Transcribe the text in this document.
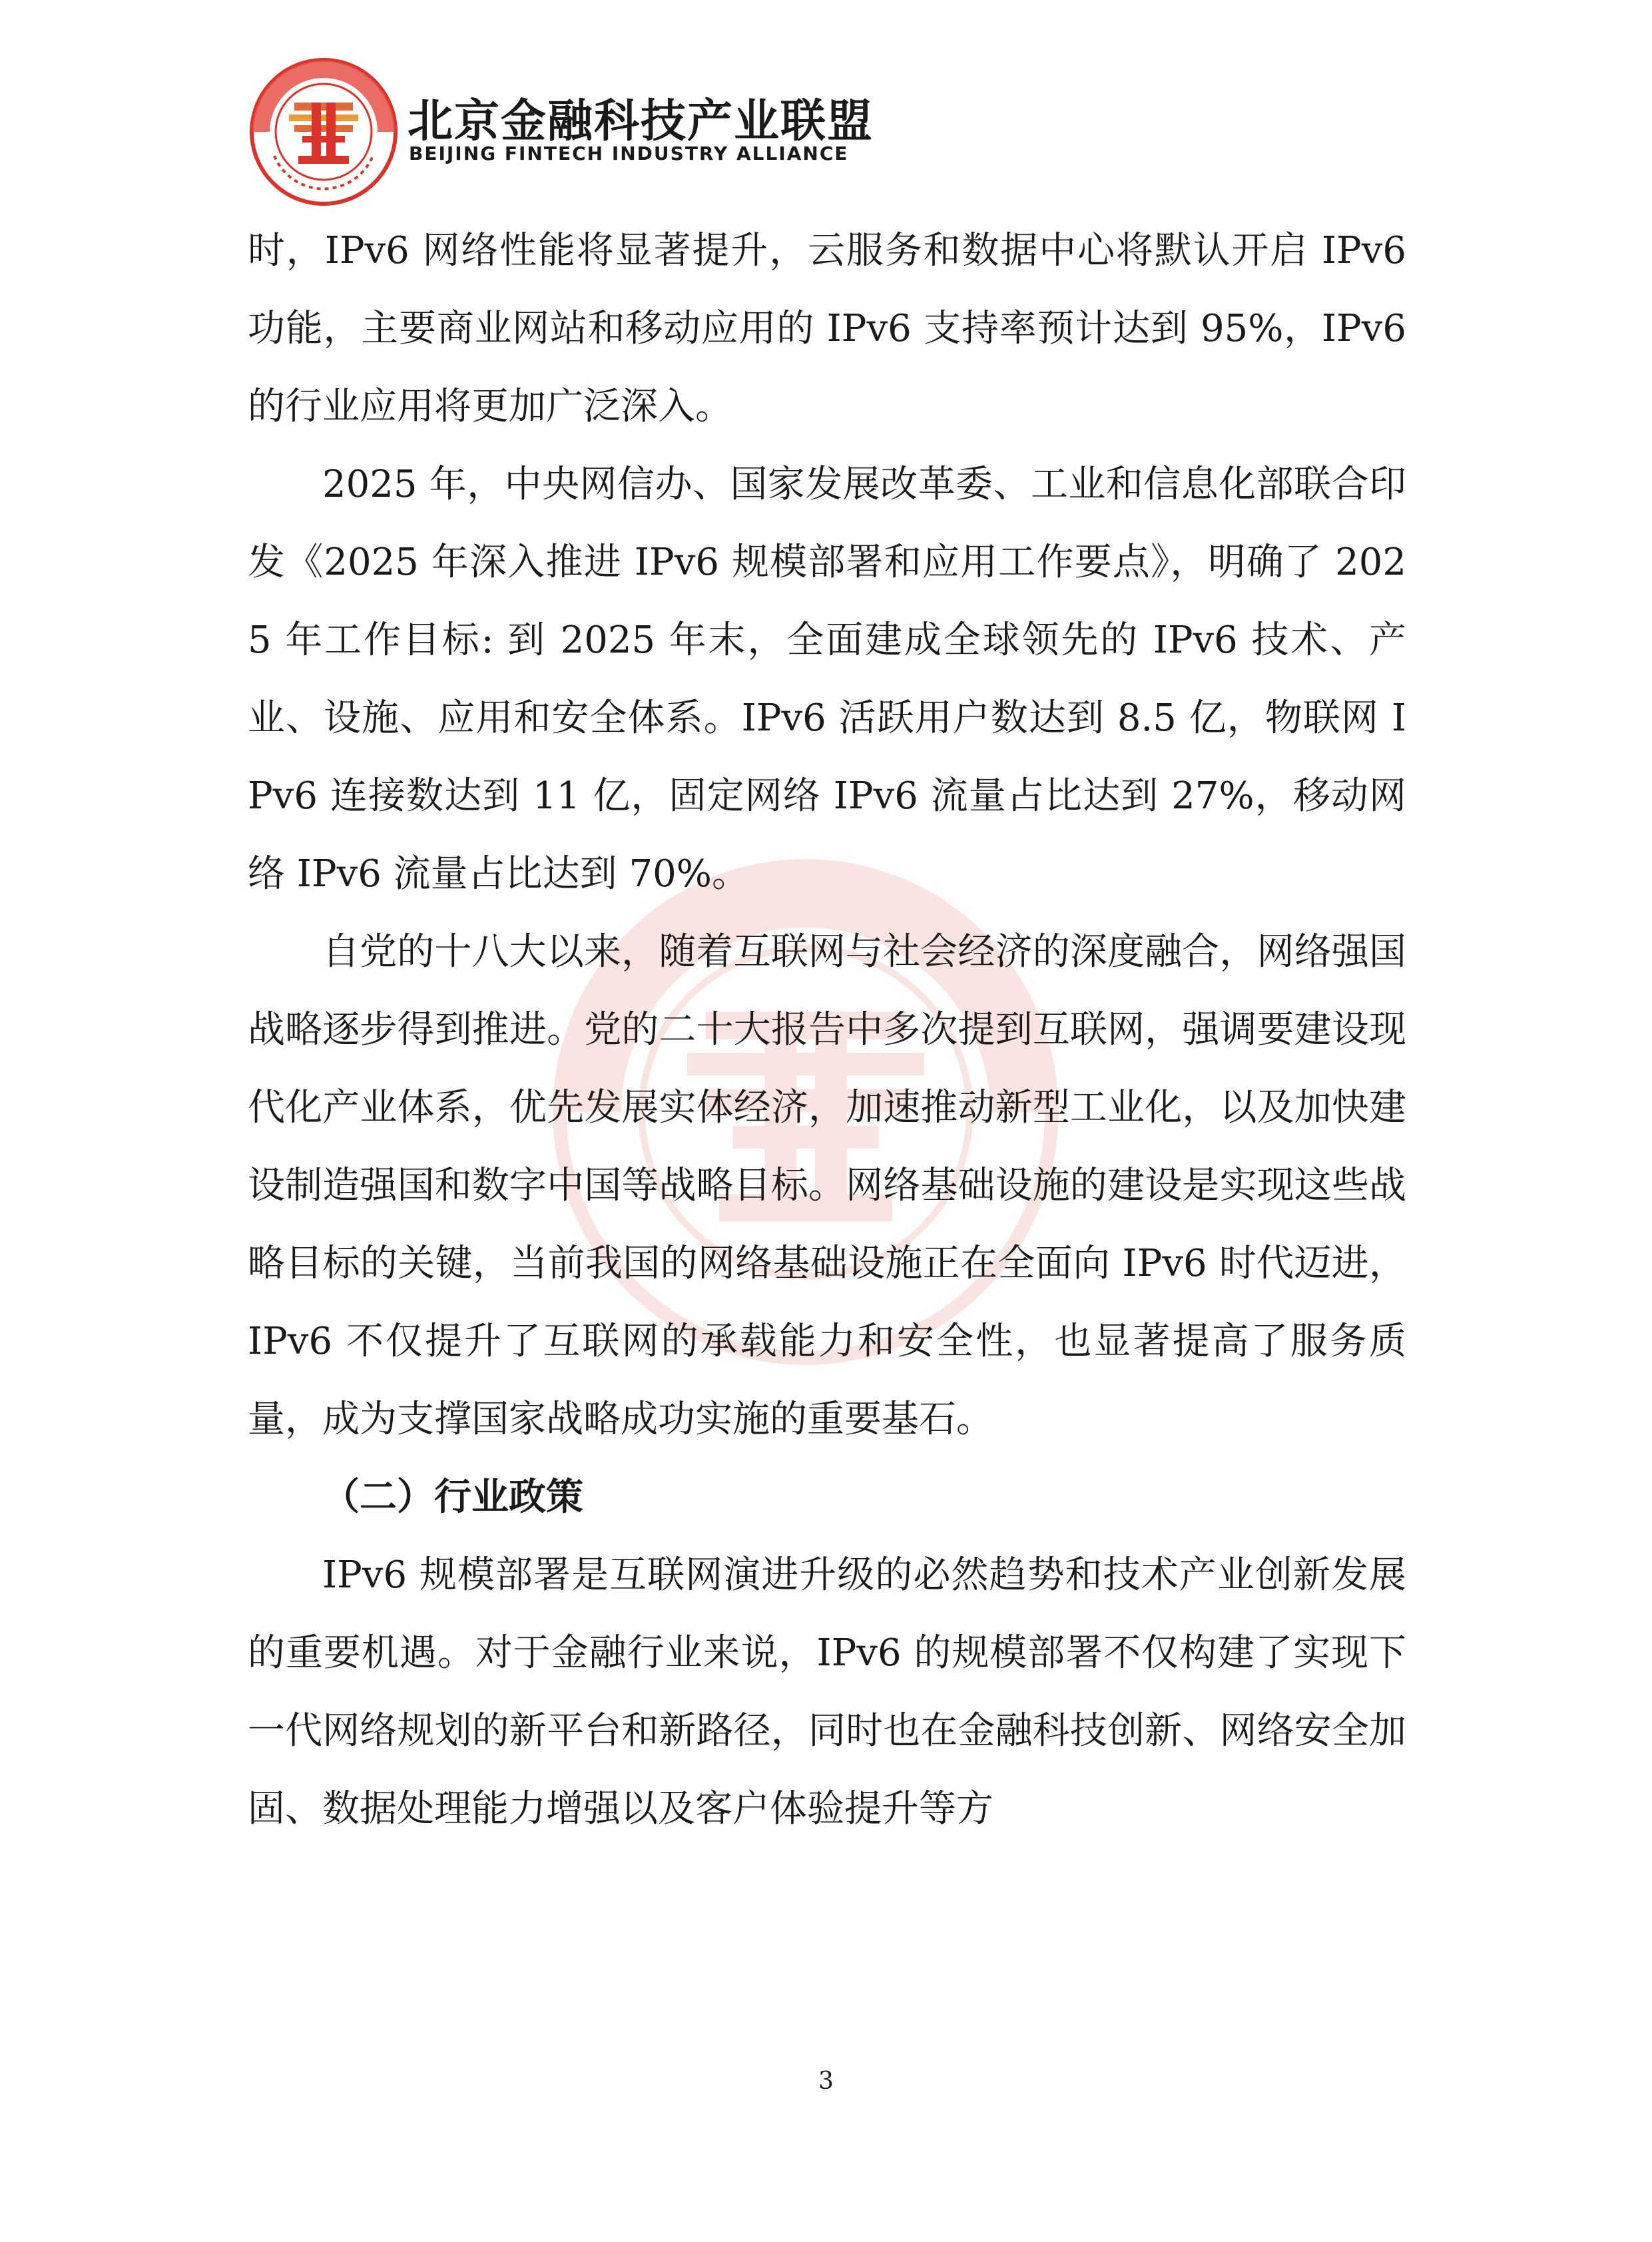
北京金融科技产业联盟
BEIJING FINTECH INDUSTRY ALLIANCE

时，IPv6 网络性能将显著提升，云服务和数据中心将默认开启 IPv6 功能，主要商业网站和移动应用的 IPv6 支持率预计达到 95%，IPv6 的行业应用将更加广泛深入。

2025 年，中央网信办、国家发展改革委、工业和信息化部联合印发《2025 年深入推进 IPv6 规模部署和应用工作要点》，明确了 2025 年工作目标: 到 2025 年末，全面建成全球领先的 IPv6 技术、产业、设施、应用和安全体系。IPv6 活跃用户数达到 8.5 亿，物联网 IPv6 连接数达到 11 亿，固定网络 IPv6 流量占比达到 27%，移动网络 IPv6 流量占比达到 70%。

自党的十八大以来，随着互联网与社会经济的深度融合，网络强国战略逐步得到推进。党的二十大报告中多次提到互联网，强调要建设现代化产业体系，优先发展实体经济，加速推动新型工业化，以及加快建设制造强国和数字中国等战略目标。网络基础设施的建设是实现这些战略目标的关键，当前我国的网络基础设施正在全面向 IPv6 时代迈进，IPv6 不仅提升了互联网的承载能力和安全性，也显著提高了服务质量，成为支撑国家战略成功实施的重要基石。

（二）行业政策

IPv6 规模部署是互联网演进升级的必然趋势和技术产业创新发展的重要机遇。对于金融行业来说，IPv6 的规模部署不仅构建了实现下一代网络规划的新平台和新路径，同时也在金融科技创新、网络安全加固、数据处理能力增强以及客户体验提升等方

3
